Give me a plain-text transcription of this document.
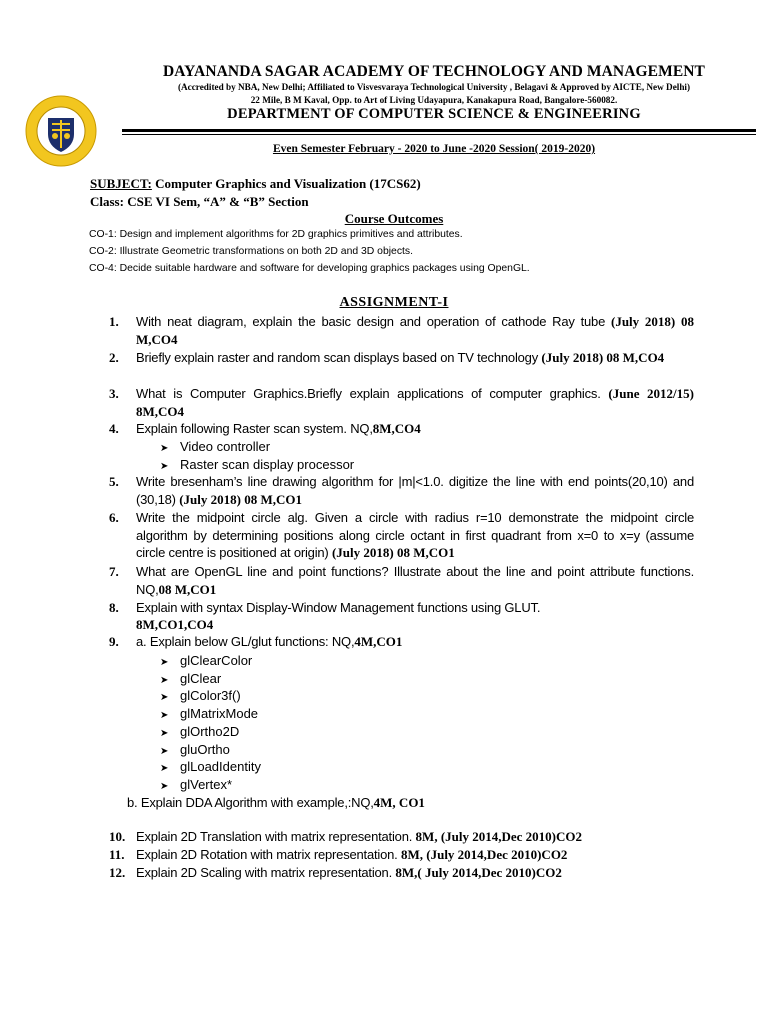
DAYANANDA SAGAR ACADEMY OF TECHNOLOGY AND MANAGEMENT
(Accredited by NBA, New Delhi; Affiliated to Visvesvaraya Technological University , Belagavi & Approved by AICTE, New Delhi)
22 Mile, B M Kaval, Opp. to Art of Living Udayapura, Kanakapura Road, Bangalore-560082.
DEPARTMENT OF COMPUTER SCIENCE & ENGINEERING
Even Semester February - 2020 to June -2020 Session( 2019-2020)
SUBJECT: Computer Graphics and Visualization (17CS62)
Class: CSE VI Sem, “A” & “B” Section
Course Outcomes
CO-1: Design and implement algorithms for 2D graphics primitives and attributes.
CO-2: Illustrate Geometric transformations on both 2D and 3D objects.
CO-4: Decide suitable hardware and software for developing graphics packages using OpenGL.
ASSIGNMENT-I
1.	With neat diagram, explain the basic design and operation of cathode Ray tube (July 2018) 08 M,CO4
2.	Briefly explain raster and random scan displays based on TV technology (July 2018) 08 M,CO4
3.	What is Computer Graphics.Briefly explain applications of computer graphics. (June 2012/15) 8M,CO4
4.	Explain following Raster scan system. NQ,8M,CO4
➤ Video controller
➤ Raster scan display processor
5.	Write bresenham’s line drawing algorithm for |m|<1.0. digitize the line with end points(20,10) and (30,18) (July 2018) 08 M,CO1
6.	Write the midpoint circle alg. Given a circle with radius r=10 demonstrate the midpoint circle algorithm by determining positions along circle octant in first quadrant from x=0 to x=y (assume circle centre is positioned at origin) (July 2018) 08 M,CO1
7.	What are OpenGL line and point functions? Illustrate about the line and point attribute functions. NQ,08 M,CO1
8.	Explain with syntax Display-Window Management functions using GLUT.
8M,CO1,CO4
9.	a. Explain below GL/glut functions: NQ,4M,CO1
➤ glClearColor
➤ glClear
➤ glColor3f()
➤ glMatrixMode
➤ glOrtho2D
➤ gluOrtho
➤ glLoadIdentity
➤ glVertex*
b. Explain DDA Algorithm with example,:NQ,4M, CO1
10. Explain 2D Translation with matrix representation. 8M, (July 2014,Dec 2010)CO2
11. Explain 2D Rotation with matrix representation. 8M, (July 2014,Dec 2010)CO2
12. Explain 2D Scaling with matrix representation. 8M,( July 2014,Dec 2010)CO2
